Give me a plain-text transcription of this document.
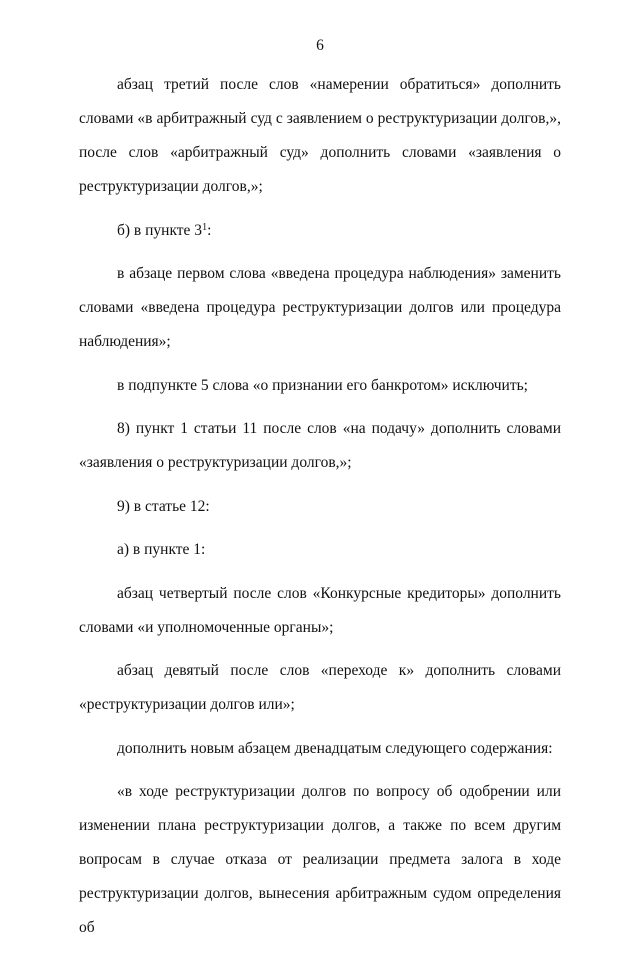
6

абзац третий после слов «намерении обратиться» дополнить словами «в арбитражный суд с заявлением о реструктуризации долгов,», после слов «арбитражный суд» дополнить словами «заявления о реструктуризации долгов,»;

б) в пункте $3^1$:

в абзаце первом слова «введена процедура наблюдения» заменить словами «введена процедура реструктуризации долгов или процедура наблюдения»;

в подпункте 5 слова «о признании его банкротом» исключить;

8) пункт 1 статьи 11 после слов «на подачу» дополнить словами «заявления о реструктуризации долгов,»;

9) в статье 12:

а) в пункте 1:

абзац четвертый после слов «Конкурсные кредиторы» дополнить словами «и уполномоченные органы»;

абзац девятый после слов «переходе к» дополнить словами «реструктуризации долгов или»;

дополнить новым абзацем двенадцатым следующего содержания:

«в ходе реструктуризации долгов по вопросу об одобрении или изменении плана реструктуризации долгов, а также по всем другим вопросам в случае отказа от реализации предмета залога в ходе реструктуризации долгов, вынесения арбитражным судом определения об
